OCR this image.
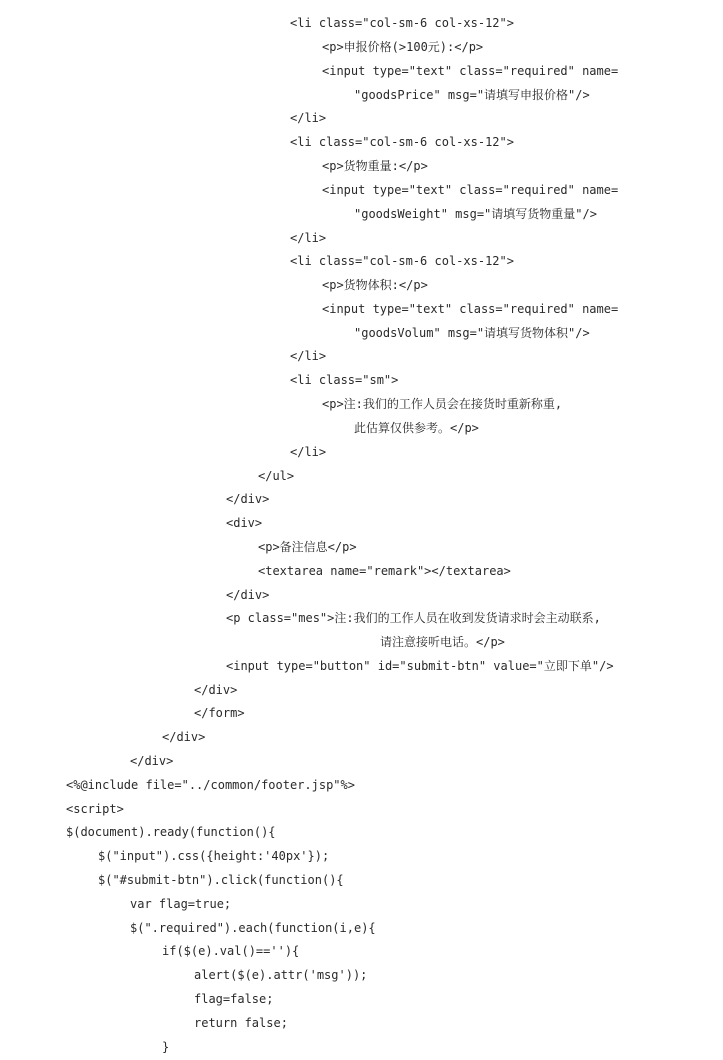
<li class="col-sm-6 col-xs-12">
<p>申报价格(>100元):</p>
<input type="text" class="required" name=
"goodsPrice" msg="请填写申报价格"/>
</li>
<li class="col-sm-6 col-xs-12">
<p>货物重量:</p>
<input type="text" class="required" name=
"goodsWeight" msg="请填写货物重量"/>
</li>
<li class="col-sm-6 col-xs-12">
<p>货物体积:</p>
<input type="text" class="required" name=
"goodsVolum" msg="请填写货物体积"/>
</li>
<li class="sm">
<p>注:我们的工作人员会在接货时重新称重,
此估算仅供参考。</p>
</li>
</ul>
</div>
<div>
<p>备注信息</p>
<textarea name="remark"></textarea>
</div>
<p class="mes">注:我们的工作人员在收到发货请求时会主动联系,
请注意接听电话。</p>
<input type="button" id="submit-btn" value="立即下单"/>
</div>
</form>
</div>
</div>
<%@include file="../common/footer.jsp"%>
<script>
$(document).ready(function(){
$("input").css({height:'40px'});
$("#submit-btn").click(function(){
var flag=true;
$(".required").each(function(i,e){
if($(e).val()==''){
alert($(e).attr('msg'));
flag=false;
return false;
}
